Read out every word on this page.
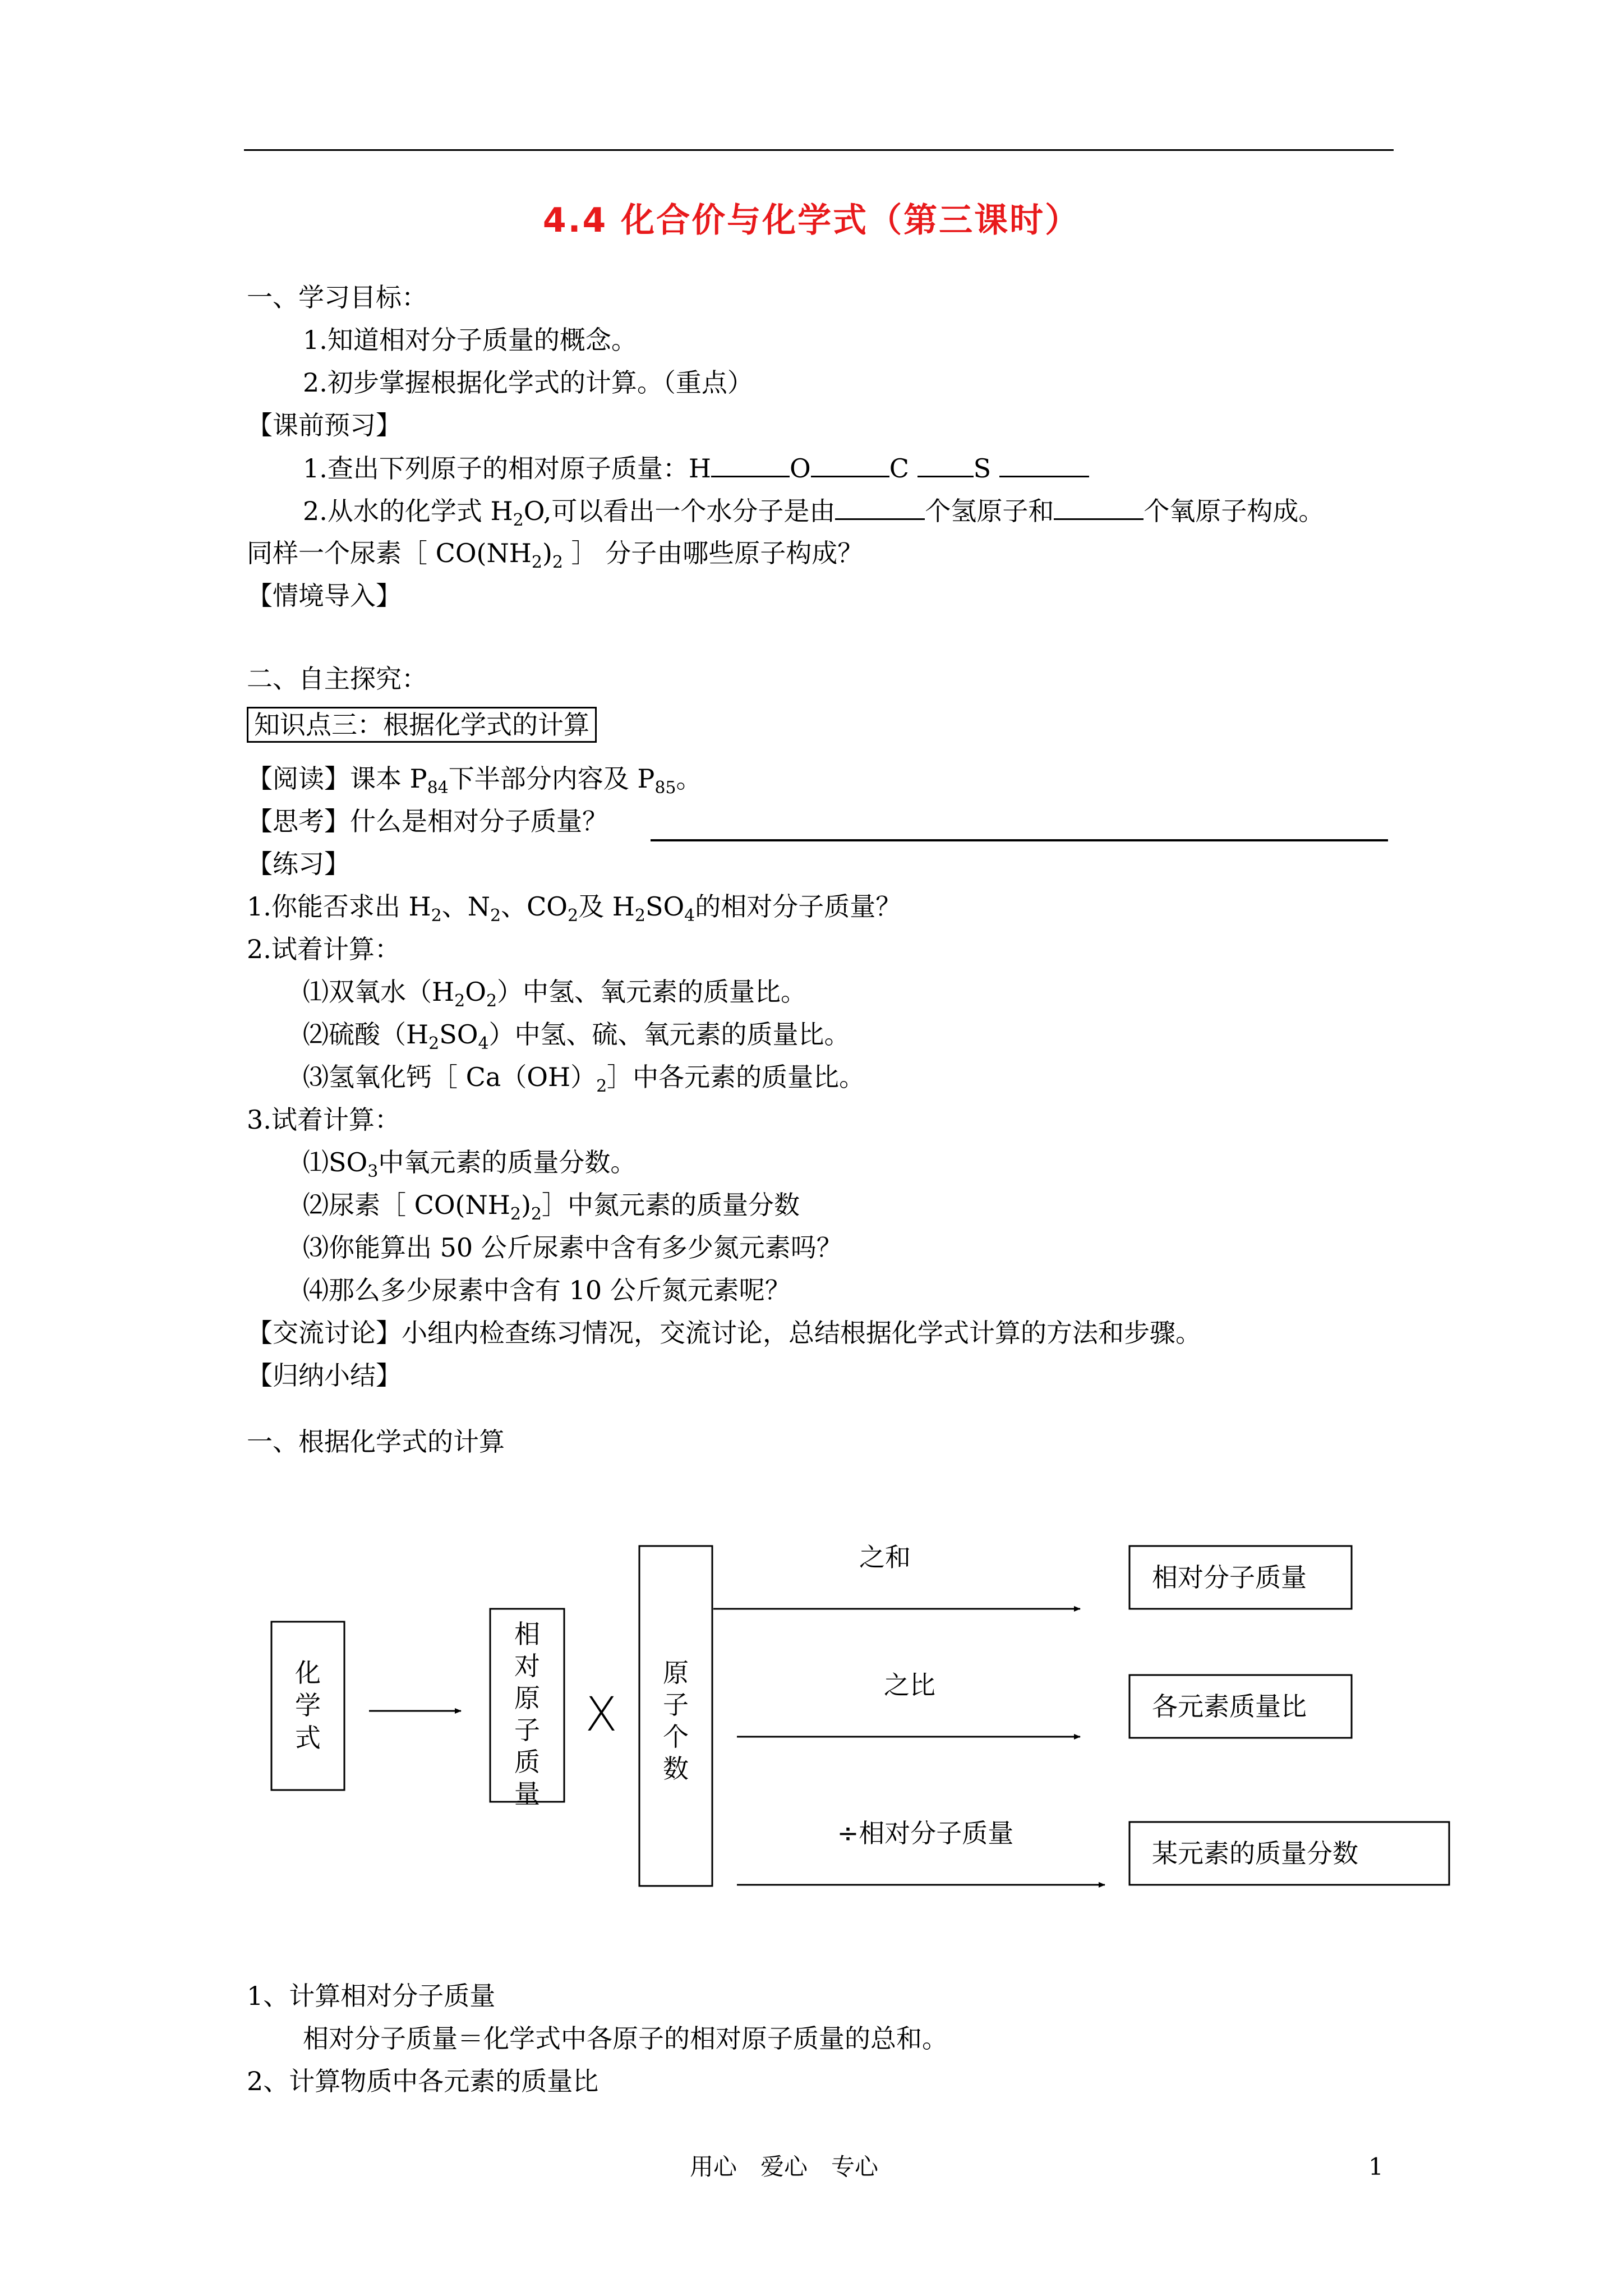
4.4 化合价与化学式（第三课时）
一、学习目标：
1.知道相对分子质量的概念。
2.初步掌握根据化学式的计算。（重点）
【课前预习】
1.查出下列原子的相对原子质量：H	O	C S
2.从水的化学式 $H_2O$,可以看出一个水分子是由	个氢原子和	个氧原子构成。
同样一个尿素［ $CO(NH_2)_2$ ］ 分子由哪些原子构成？
【情境导入】
二、自主探究：
知识点三：根据化学式的计算
【阅读】课本 $P_{84}$下半部分内容及 $P_{85}$。
【思考】什么是相对分子质量？
【练习】
1.你能否求出 $H_2$、$N_2$、$CO_2$及 $H_2SO_4$的相对分子质量？
2.试着计算：
⑴双氧水$(H_2O_2)$中氢、氧元素的质量比。
⑵硫酸$(H_2SO_4)$中氢、硫、氧元素的质量比。
⑶氢氧化钙［ $Ca(OH)_2]$中各元素的质量比。
3.试着计算：
$⑴SO_3$中氧元素的质量分数。
⑵尿素［ $CO(NH_2)_2]$中氮元素的质量分数
⑶你能算出 50 公斤尿素中含有多少氮元素吗？
⑷那么多少尿素中含有 10 公斤氮元素呢？
【交流讨论】小组内检查练习情况，交流讨论，总结根据化学式计算的方法和步骤。
【归纳小结】
一、根据化学式的计算
化
学
式
相
对
原
子
质
量
原
子
个
数
X
之和
之比
÷相对分子质量
相对分子质量
各元素质量比
某元素的质量分数
1、计算相对分子质量
相对分子质量＝化学式中各原子的相对原子质量的总和。
2、计算物质中各元素的质量比
用心　爱心　专心	1
